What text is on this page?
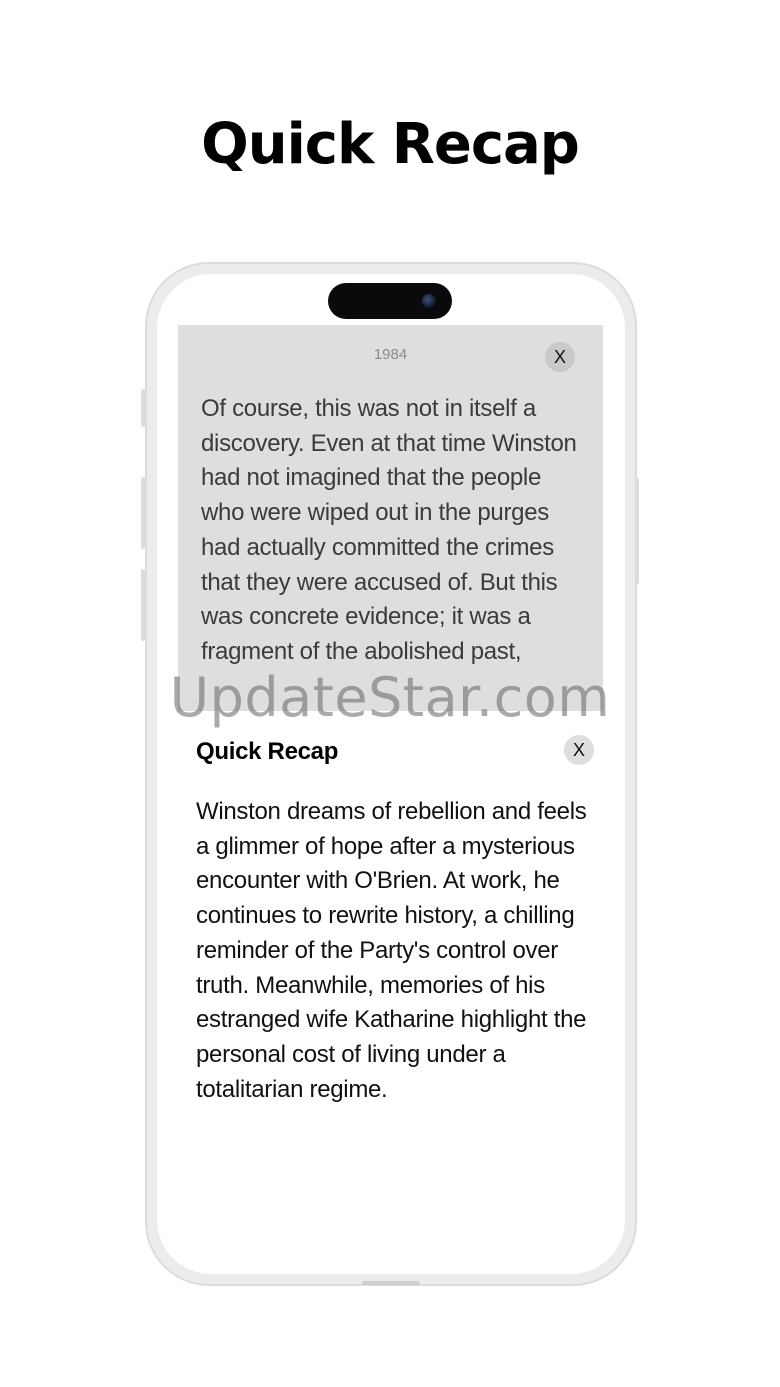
Quick Recap
1984	X
Of course, this was not in itself a discovery. Even at that time Winston had not imagined that the people who were wiped out in the purges had actually committed the crimes that they were accused of. But this was concrete evidence; it was a fragment of the abolished past,
Quick Recap	X
Winston dreams of rebellion and feels a glimmer of hope after a mysterious encounter with O'Brien. At work, he continues to rewrite history, a chilling reminder of the Party's control over truth. Meanwhile, memories of his estranged wife Katharine highlight the personal cost of living under a totalitarian regime.
UpdateStar.com
